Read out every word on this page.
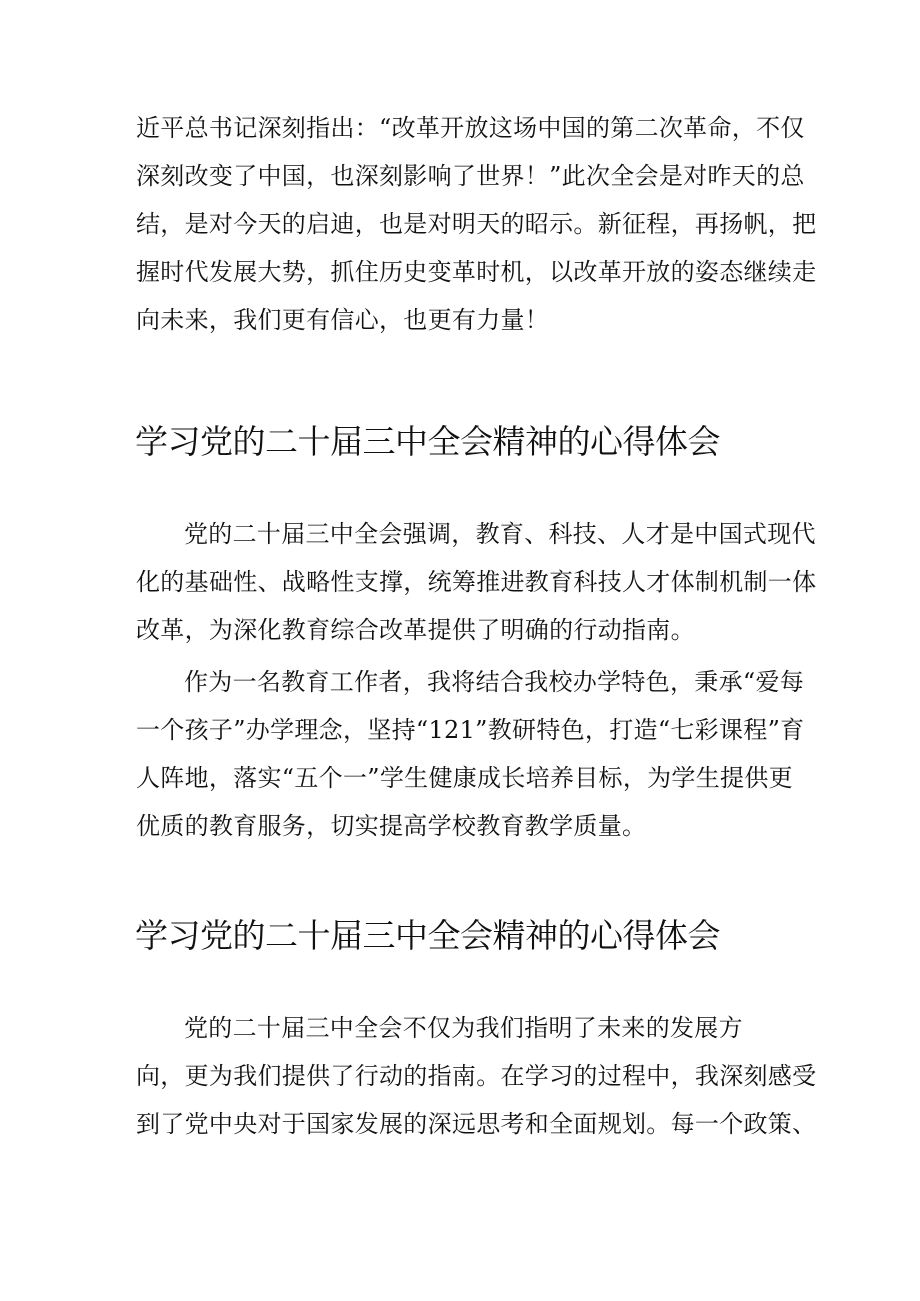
近平总书记深刻指出：“改革开放这场中国的第二次革命，不仅
深刻改变了中国，也深刻影响了世界！”此次全会是对昨天的总
结，是对今天的启迪，也是对明天的昭示。新征程，再扬帆，把
握时代发展大势，抓住历史变革时机，以改革开放的姿态继续走
向未来，我们更有信心，也更有力量！
学习党的二十届三中全会精神的心得体会
党的二十届三中全会强调，教育、科技、人才是中国式现代
化的基础性、战略性支撑，统筹推进教育科技人才体制机制一体
改革，为深化教育综合改革提供了明确的行动指南。
作为一名教育工作者，我将结合我校办学特色，秉承“爱每
一个孩子”办学理念，坚持“121”教研特色，打造“七彩课程”育
人阵地，落实“五个一”学生健康成长培养目标，为学生提供更
优质的教育服务，切实提高学校教育教学质量。
学习党的二十届三中全会精神的心得体会
党的二十届三中全会不仅为我们指明了未来的发展方
向，更为我们提供了行动的指南。在学习的过程中，我深刻感受
到了党中央对于国家发展的深远思考和全面规划。每一个政策、
